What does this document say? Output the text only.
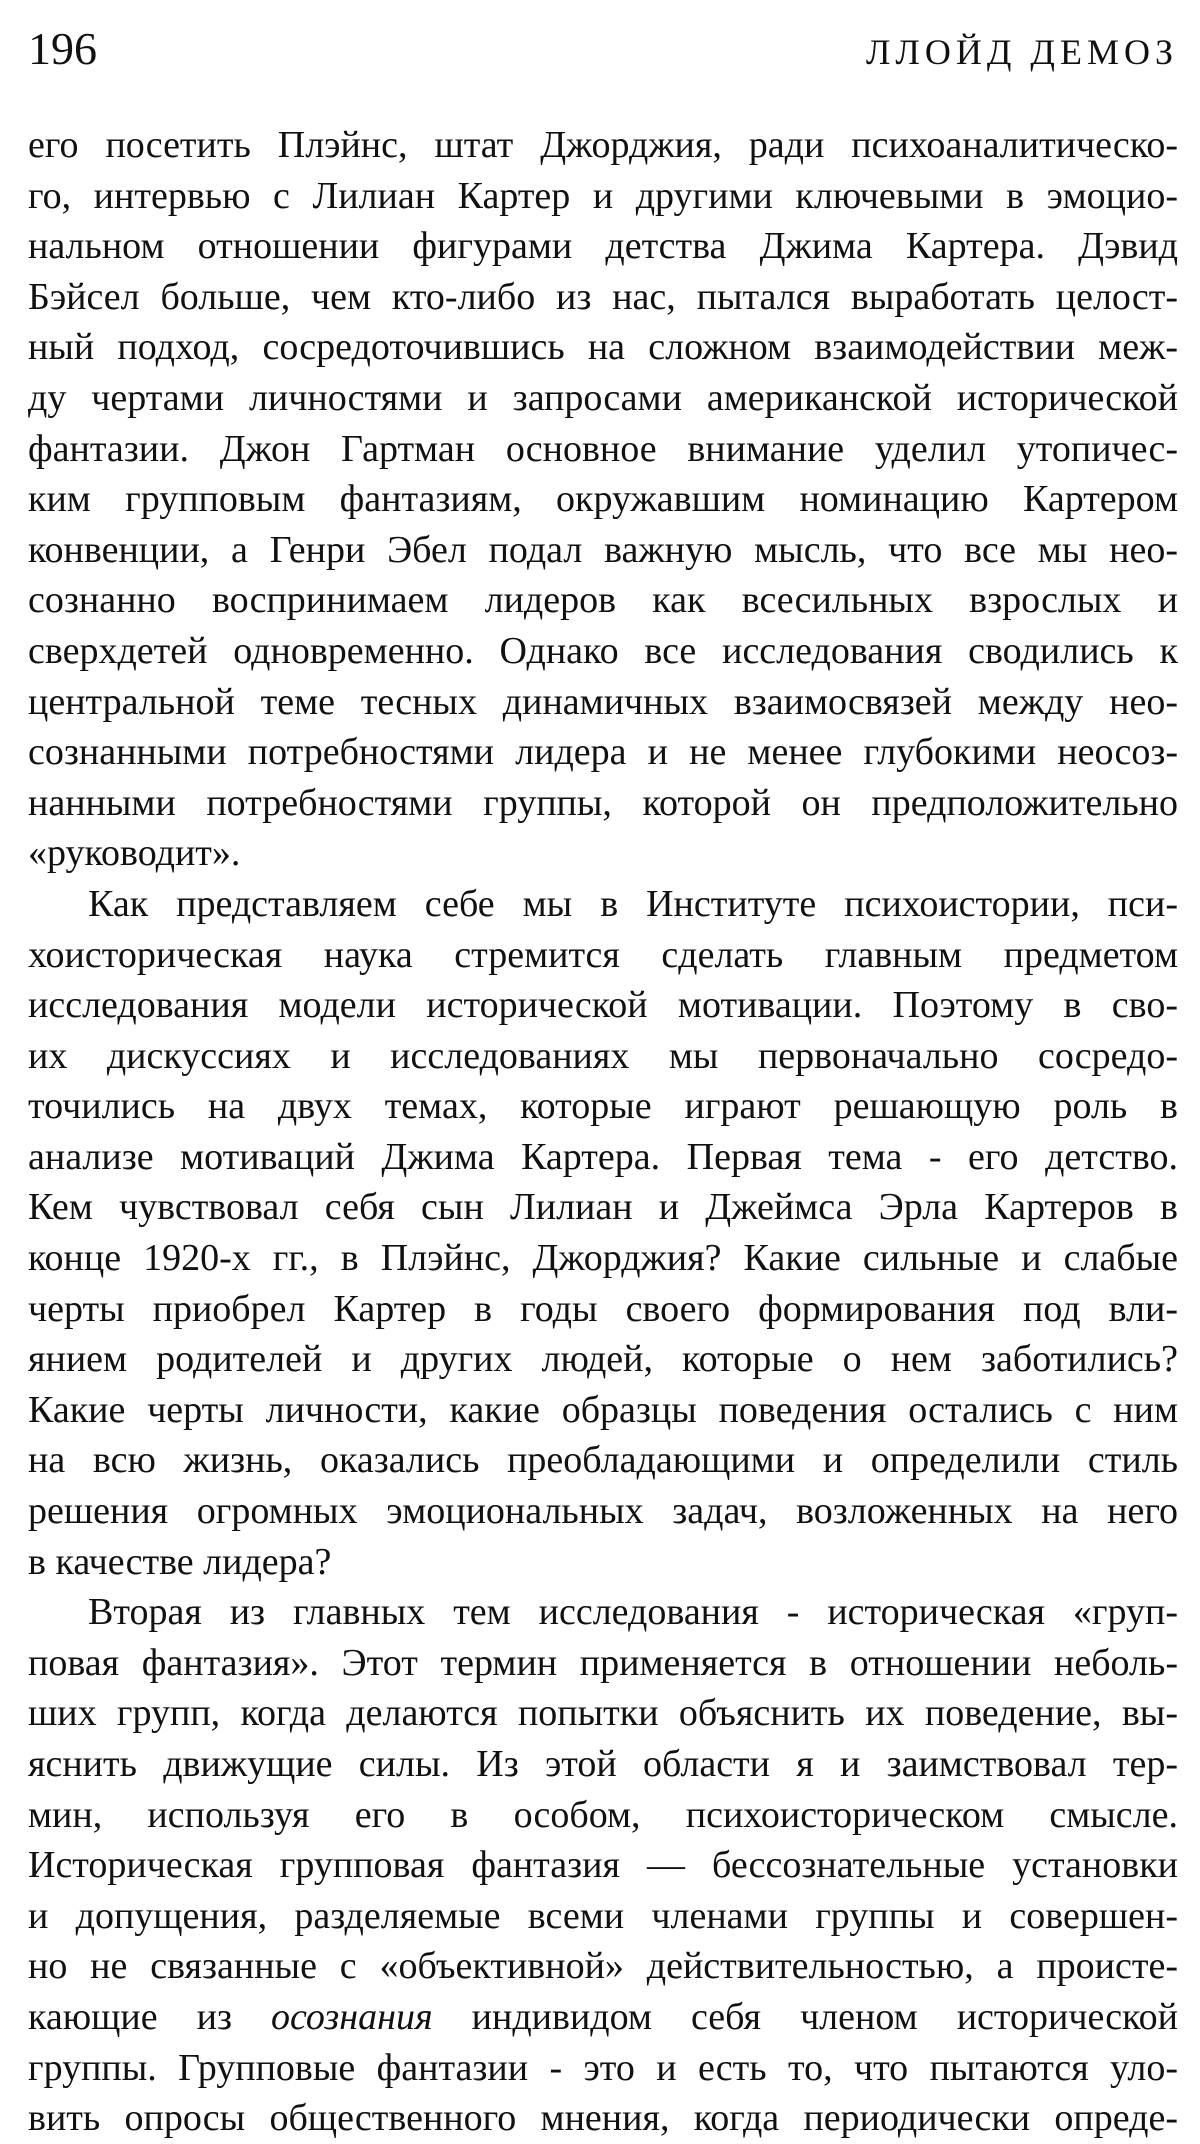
196	ЛЛОЙД ДЕМОЗ
его посетить Плэйнс, штат Джорджия, ради психоаналитическо-
го, интервью с Лилиан Картер и другими ключевыми в эмоцио-
нальном отношении фигурами детства Джима Картера. Дэвид
Бэйсел больше, чем кто-либо из нас, пытался выработать целост-
ный подход, сосредоточившись на сложном взаимодействии меж-
ду чертами личностями и запросами американской исторической
фантазии. Джон Гартман основное внимание уделил утопичес-
ким групповым фантазиям, окружавшим номинацию Картером
конвенции, а Генри Эбел подал важную мысль, что все мы нео-
сознанно воспринимаем лидеров как всесильных взрослых и
сверхдетей одновременно. Однако все исследования сводились к
центральной теме тесных динамичных взаимосвязей между нео-
сознанными потребностями лидера и не менее глубокими неосоз-
нанными потребностями группы, которой он предположительно
«руководит».
Как представляем себе мы в Институте психоистории, пси-
хоисторическая наука стремится сделать главным предметом
исследования модели исторической мотивации. Поэтому в сво-
их дискуссиях и исследованиях мы первоначально сосредо-
точились на двух темах, которые играют решающую роль в
анализе мотиваций Джима Картера. Первая тема - его детство.
Кем чувствовал себя сын Лилиан и Джеймса Эрла Картеров в
конце 1920-х гг., в Плэйнс, Джорджия? Какие сильные и слабые
черты приобрел Картер в годы своего формирования под вли-
янием родителей и других людей, которые о нем заботились?
Какие черты личности, какие образцы поведения остались с ним
на всю жизнь, оказались преобладающими и определили стиль
решения огромных эмоциональных задач, возложенных на него
в качестве лидера?
Вторая из главных тем исследования - историческая «груп-
повая фантазия». Этот термин применяется в отношении неболь-
ших групп, когда делаются попытки объяснить их поведение, вы-
яснить движущие силы. Из этой области я и заимствовал тер-
мин, используя его в особом, психоисторическом смысле.
Историческая групповая фантазия — бессознательные установки
и допущения, разделяемые всеми членами группы и совершен-
но не связанные с «объективной» действительностью, а происте-
кающие из осознания индивидом себя членом исторической
группы. Групповые фантазии - это и есть то, что пытаются уло-
вить опросы общественного мнения, когда периодически опреде-
